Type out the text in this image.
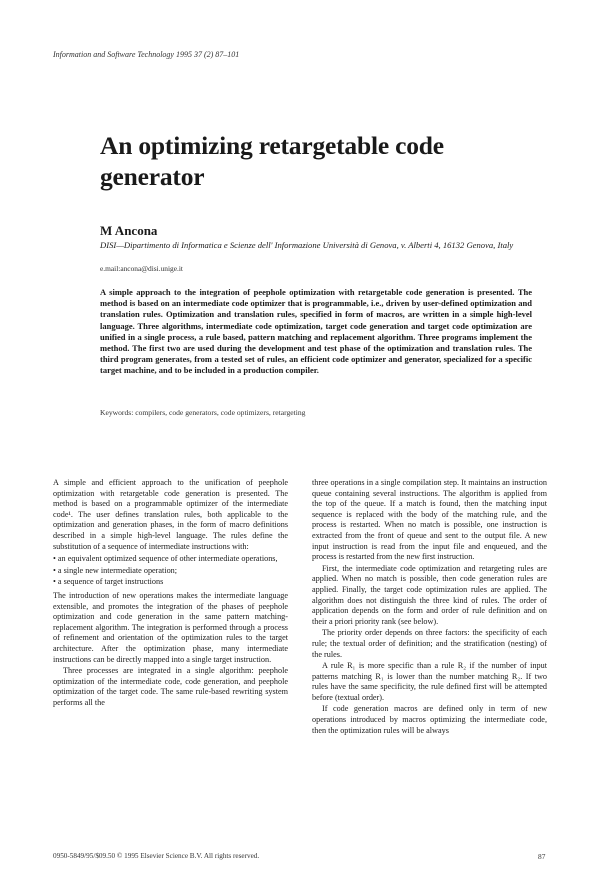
Information and Software Technology 1995 37 (2) 87–101
An optimizing retargetable code generator
M Ancona
DISI—Dipartimento di Informatica e Scienze dell' Informazione Università di Genova, v. Alberti 4, 16132 Genova, Italy
e.mail:ancona@disi.unige.it

A simple approach to the integration of peephole optimization with retargetable code generation is presented. The method is based on an intermediate code optimizer that is programmable, i.e., driven by user-defined optimization and translation rules. Optimization and translation rules, specified in form of macros, are written in a simple high-level language. Three algorithms, intermediate code optimization, target code generation and target code optimization are unified in a single process, a rule based, pattern matching and replacement algorithm. Three programs implement the method. The first two are used during the development and test phase of the optimization and translation rules. The third program generates, from a tested set of rules, an efficient code optimizer and generator, specialized for a specific target machine, and to be included in a production compiler.

Keywords: compilers, code generators, code optimizers, retargeting

A simple and efficient approach to the unification of peephole optimization with retargetable code generation is presented. The method is based on a programmable optimizer of the intermediate code¹. The user defines translation rules, both applicable to the optimization and generation phases, in the form of macro definitions described in a simple high-level language. The rules define the substitution of a sequence of intermediate instructions with:

• an equivalent optimized sequence of other intermediate operations,
• a single new intermediate operation;
• a sequence of target instructions

The introduction of new operations makes the intermediate language extensible, and promotes the integration of the phases of peephole optimization and code generation in the same pattern matching-replacement algorithm. The integration is performed through a process of refinement and orientation of the optimization rules to the target architecture. After the optimization phase, many intermediate instructions can be directly mapped into a single target instruction.

Three processes are integrated in a single algorithm: peephole optimization of the intermediate code, code generation, and peephole optimization of the target code. The same rule-based rewriting system performs all the

three operations in a single compilation step. It maintains an instruction queue containing several instructions. The algorithm is applied from the top of the queue. If a match is found, then the matching input sequence is replaced with the body of the matching rule, and the process is restarted. When no match is possible, one instruction is extracted from the front of queue and sent to the output file. A new input instruction is read from the input file and enqueued, and the process is restarted from the new first instruction.

First, the intermediate code optimization and retargeting rules are applied. When no match is possible, then code generation rules are applied. Finally, the target code optimization rules are applied. The algorithm does not distinguish the three kind of rules. The order of application depends on the form and order of rule definition and on their a priori priority rank (see below).

The priority order depends on three factors: the specificity of each rule; the textual order of definition; and the stratification (nesting) of the rules.

A rule R₁ is more specific than a rule R₂ if the number of input patterns matching R₁ is lower than the number matching R₂. If two rules have the same specificity, the rule defined first will be attempted before (textual order).

If code generation macros are defined only in term of new operations introduced by macros optimizing the intermediate code, then the optimization rules will be always

0950-5849/95/$09.50 © 1995 Elsevier Science B.V. All rights reserved.	87
